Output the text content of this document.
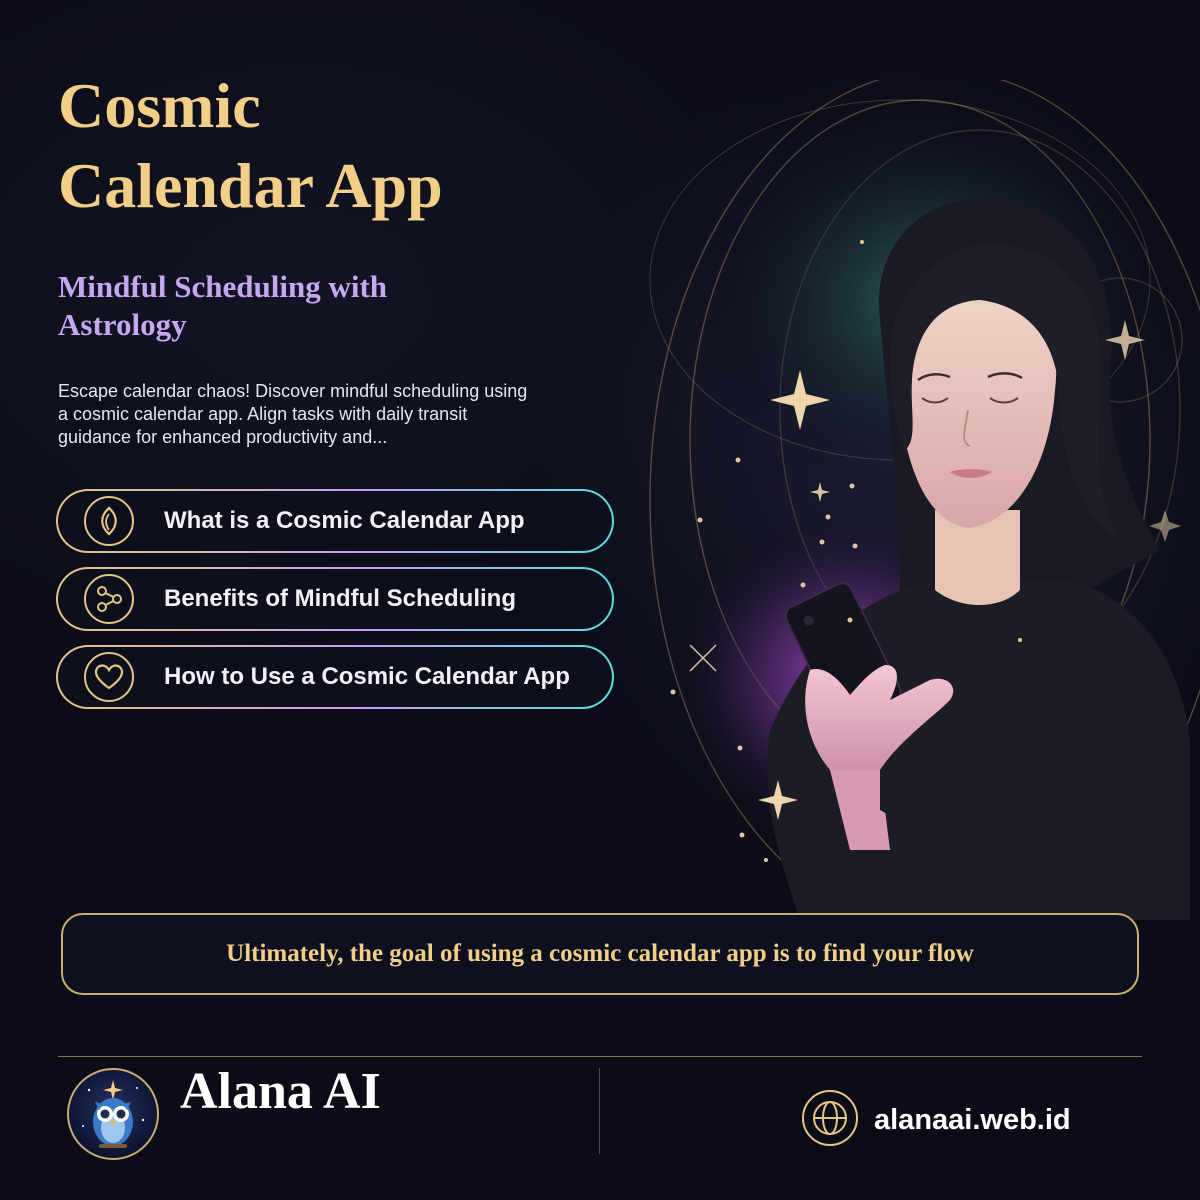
Cosmic
Calendar App
Mindful Scheduling with Astrology
Escape calendar chaos! Discover mindful scheduling using a cosmic calendar app. Align tasks with daily transit guidance for enhanced productivity and...
What is a Cosmic Calendar App
Benefits of Mindful Scheduling
How to Use a Cosmic Calendar App
Ultimately, the goal of using a cosmic calendar app is to find your flow
Alana AI	alanaai.web.id
